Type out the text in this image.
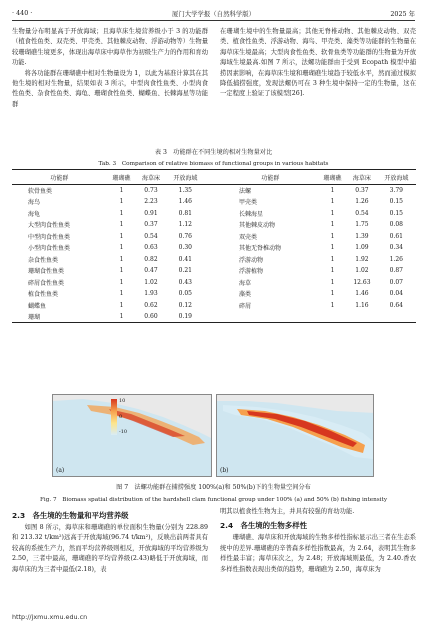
· 440 ·	厦门大学学报（自然科学版）	2025 年

生物量分布明显高于开放海域；且海草床生境营养级小于 3 的功能群（植食性鱼类、双壳类、甲壳类、其他棘皮动物、浮游动物等）生物量较珊瑚礁生境更多，体现出海草床中海草作为初级生产力的作用和育幼功能.

将各功能群在珊瑚礁中相对生物量设为 1，以此为基准计算其在其他生境的相对生物量，结果如表 3 所示，中型肉食性鱼类、小型肉食性鱼类、杂食性鱼类、海龟、珊瑚食性鱼类、蝴蝶鱼、长棘海星等功能群

在珊瑚生境中的生物量最高；其他无脊椎动物、其他棘皮动物、双壳类、植食性鱼类、浮游动物、海鸟、甲壳类、藻类等功能群的生物量在海草床生境最高；大型肉食性鱼类、软骨鱼类等功能群的生物量为开放海域生境最高.如图 7 所示，法螺功能群由于受到 Ecopath 模型中捕捞因素影响，在海草床生境和珊瑚礁生境趋于较低水平，然而通过模拟降低捕捞强度，发现法螺仍可在 3 种生境中保持一定的生物量，这在一定程度上验证了该模型[26].

表 3　功能群在不同生境的相对生物量对比
Tab. 3　Comparison of relative biomass of functional groups in various habitats
功能群	珊瑚礁	海草床	开放海域		功能群	珊瑚礁	海草床	开放海域
软骨鱼类	1	0.73	1.35		法螺	1	0.37	3.79
海鸟	1	2.23	1.46		甲壳类	1	1.26	0.15
海龟	1	0.91	0.81		长棘海星	1	0.54	0.15
大型肉食性鱼类	1	0.37	1.12		其他棘皮动物	1	1.75	0.08
中型肉食性鱼类	1	0.54	0.76		双壳类	1	1.39	0.61
小型肉食性鱼类	1	0.63	0.30		其他无脊椎动物	1	1.09	0.34
杂食性鱼类	1	0.82	0.41		浮游动物	1	1.92	1.26
珊瑚食性鱼类	1	0.47	0.21		浮游植物	1	1.02	0.87
碎屑食性鱼类	1	1.02	0.43		海草	1	12.63	0.07
植食性鱼类	1	1.93	0.05		藻类	1	1.46	0.04
蝴蝶鱼	1	0.62	0.12		碎屑	1	1.16	0.64
珊瑚	1	0.60	0.19					
10
0
-10
(a)	(b)
图 7　法螺功能群在捕捞强度 100%(a)和 50%(b)下的生物量空间分布
Fig. 7　Biomass spatial distribution of the hardshell clam functional group under 100% (a) and 50% (b) fishing intensity
2.3　各生境的生物量和平均营养级

如图 8 所示，海草床和珊瑚礁的单位面积生物量(分别为 228.89 和 213.32 t/km²)远高于开放海域(96.74 t/km²)，反映出前两者具有较高的系统生产力，然而平均营养级则相反，开放海域的平均营养级为 2.50，三者中最高，珊瑚礁的平均营养级(2.43)略低于开放海域，而海草床的为三者中最低(2.18)，表

明其以植食性生物为主，并具有较强的育幼功能.

2.4　各生境的生物多样性

珊瑚礁、海草床和开放海域的生物多样性指标显示出三者在生态系统中的差异.珊瑚礁的辛普森多样性指数最高，为 2.64，表明其生物多样性最丰富；海草床次之，为 2.48；开放海域则最低，为 2.40.香农多样性指数表现出类似的趋势，珊瑚礁为 2.50，海草床为

http://jxmu.xmu.edu.cn
